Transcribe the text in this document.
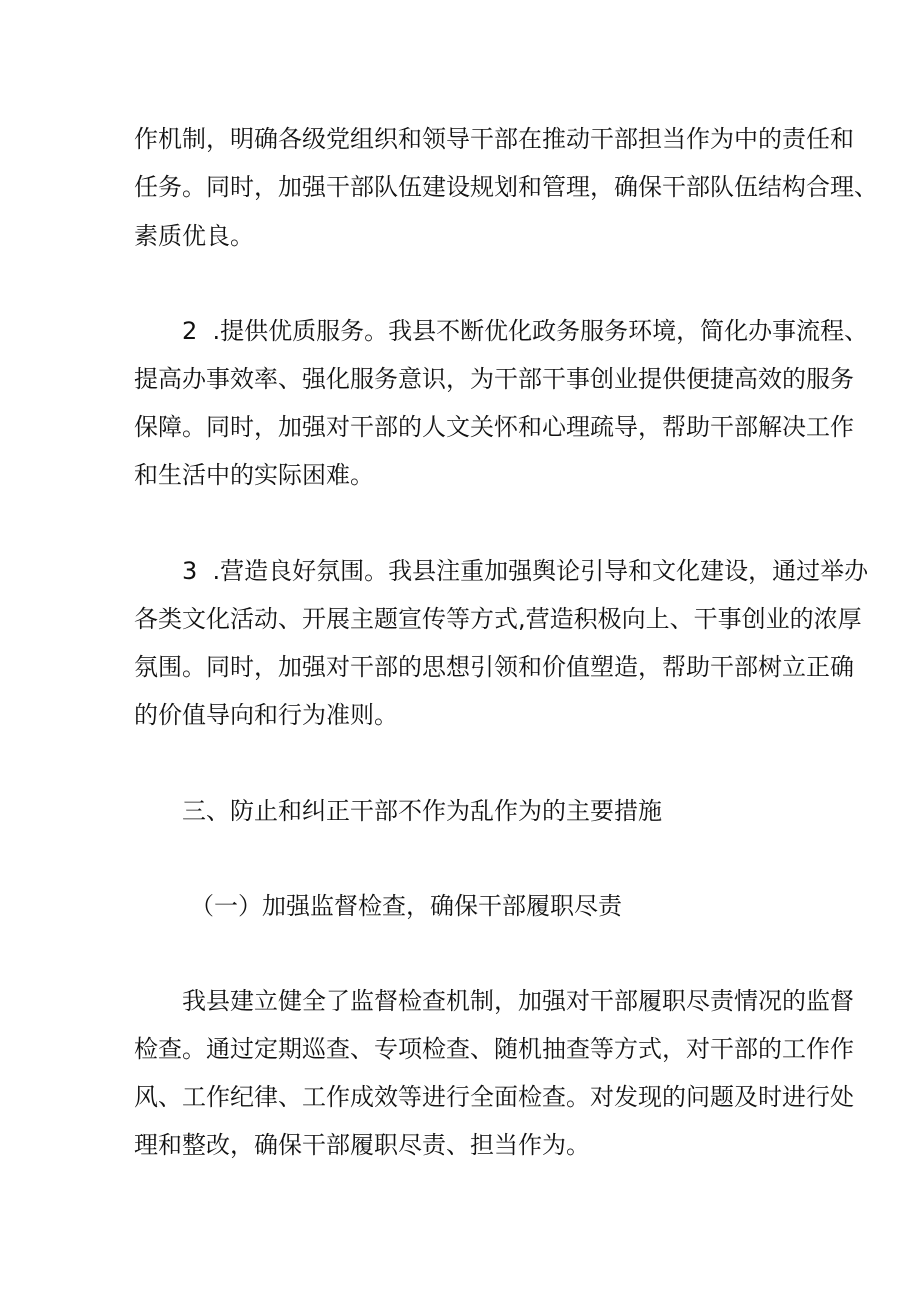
作机制，明确各级党组织和领导干部在推动干部担当作为中的责任和
任务。同时，加强干部队伍建设规划和管理，确保干部队伍结构合理、
素质优良。
2  .提供优质服务。我县不断优化政务服务环境，简化办事流程、
提高办事效率、强化服务意识，为干部干事创业提供便捷高效的服务
保障。同时，加强对干部的人文关怀和心理疏导，帮助干部解决工作
和生活中的实际困难。
3  .营造良好氛围。我县注重加强舆论引导和文化建设，通过举办
各类文化活动、开展主题宣传等方式,营造积极向上、干事创业的浓厚
氛围。同时，加强对干部的思想引领和价值塑造，帮助干部树立正确
的价值导向和行为准则。
三、防止和纠正干部不作为乱作为的主要措施
（一）加强监督检查，确保干部履职尽责
我县建立健全了监督检查机制，加强对干部履职尽责情况的监督
检查。通过定期巡查、专项检查、随机抽查等方式，对干部的工作作
风、工作纪律、工作成效等进行全面检查。对发现的问题及时进行处
理和整改，确保干部履职尽责、担当作为。
